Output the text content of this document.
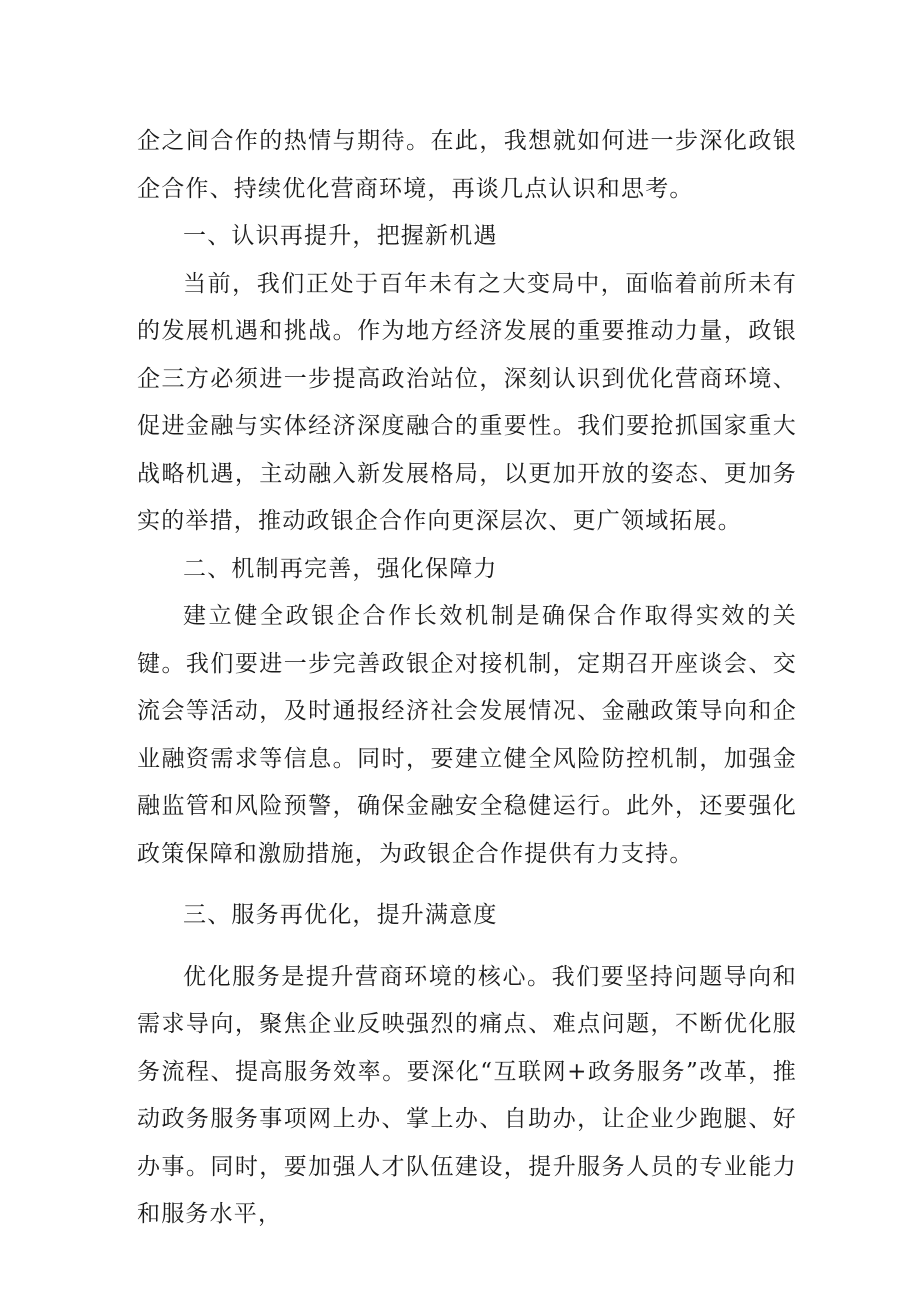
企之间合作的热情与期待。在此，我想就如何进一步深化政银企合作、持续优化营商环境，再谈几点认识和思考。

一、认识再提升，把握新机遇

当前，我们正处于百年未有之大变局中，面临着前所未有的发展机遇和挑战。作为地方经济发展的重要推动力量，政银企三方必须进一步提高政治站位，深刻认识到优化营商环境、促进金融与实体经济深度融合的重要性。我们要抢抓国家重大战略机遇，主动融入新发展格局，以更加开放的姿态、更加务实的举措，推动政银企合作向更深层次、更广领域拓展。

二、机制再完善，强化保障力

建立健全政银企合作长效机制是确保合作取得实效的关键。我们要进一步完善政银企对接机制，定期召开座谈会、交流会等活动，及时通报经济社会发展情况、金融政策导向和企业融资需求等信息。同时，要建立健全风险防控机制，加强金融监管和风险预警，确保金融安全稳健运行。此外，还要强化政策保障和激励措施，为政银企合作提供有力支持。

三、服务再优化，提升满意度

优化服务是提升营商环境的核心。我们要坚持问题导向和需求导向，聚焦企业反映强烈的痛点、难点问题，不断优化服务流程、提高服务效率。要深化“互联网+政务服务”改革，推动政务服务事项网上办、掌上办、自助办，让企业少跑腿、好办事。同时，要加强人才队伍建设，提升服务人员的专业能力和服务水平，
